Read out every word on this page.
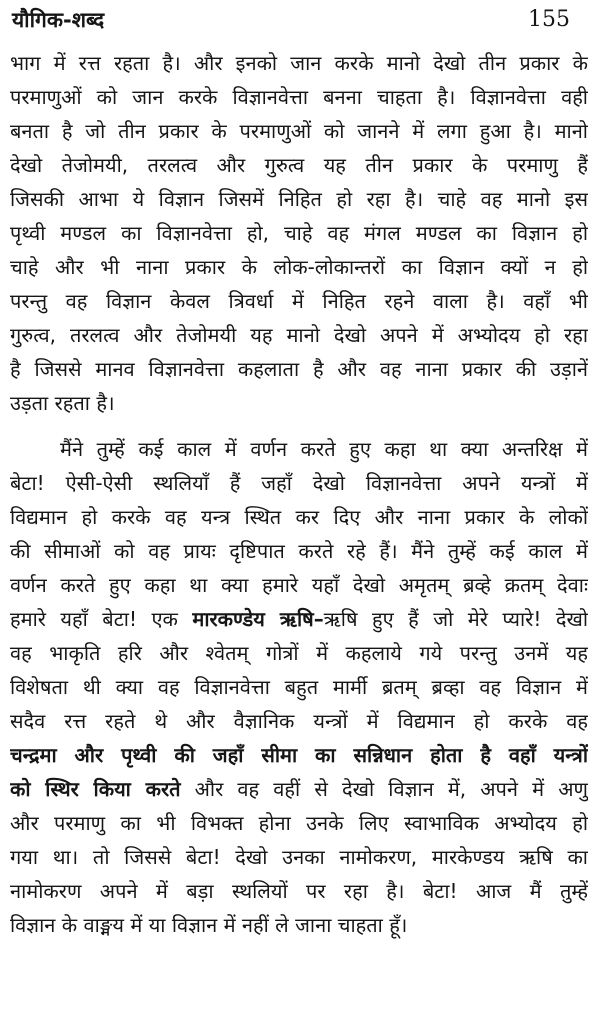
यौगिक-शब्द	155
भाग में रत्त रहता है। और इनको जान करके मानो देखो तीन प्रकार के
परमाणुओं को जान करके विज्ञानवेत्ता बनना चाहता है। विज्ञानवेत्ता वही
बनता है जो तीन प्रकार के परमाणुओं को जानने में लगा हुआ है। मानो
देखो तेजोमयी, तरलत्व और गुरुत्व यह तीन प्रकार के परमाणु हैं
जिसकी आभा ये विज्ञान जिसमें निहित हो रहा है। चाहे वह मानो इस
पृथ्वी मण्डल का विज्ञानवेत्ता हो, चाहे वह मंगल मण्डल का विज्ञान हो
चाहे और भी नाना प्रकार के लोक-लोकान्तरों का विज्ञान क्यों न हो
परन्तु वह विज्ञान केवल त्रिवर्धा में निहित रहने वाला है। वहाँ भी
गुरुत्व, तरलत्व और तेजोमयी यह मानो देखो अपने में अभ्योदय हो रहा
है जिससे मानव विज्ञानवेत्ता कहलाता है और वह नाना प्रकार की उड़ानें
उड़ता रहता है।
मैंने तुम्हें कई काल में वर्णन करते हुए कहा था क्या अन्तरिक्ष में
बेटा! ऐसी-ऐसी स्थलियाँ हैं जहाँ देखो विज्ञानवेत्ता अपने यन्त्रों में
विद्यमान हो करके वह यन्त्र स्थित कर दिए और नाना प्रकार के लोकों
की सीमाओं को वह प्रायः दृष्टिपात करते रहे हैं। मैंने तुम्हें कई काल में
वर्णन करते हुए कहा था क्या हमारे यहाँ देखो अमृतम् ब्रव्हे क्रतम् देवाः
हमारे यहाँ बेटा! एक मारकण्डेय ऋषि–ऋषि हुए हैं जो मेरे प्यारे! देखो
वह भाकृति हरि और श्वेतम् गोत्रों में कहलाये गये परन्तु उनमें यह
विशेषता थी क्या वह विज्ञानवेत्ता बहुत मार्मी ब्रतम् ब्रव्हा वह विज्ञान में
सदैव रत्त रहते थे और वैज्ञानिक यन्त्रों में विद्यमान हो करके वह
चन्द्रमा और पृथ्वी की जहाँ सीमा का सन्निधान होता है वहाँ यन्त्रों
को स्थिर किया करते और वह वहीं से देखो विज्ञान में, अपने में अणु
और परमाणु का भी विभक्त होना उनके लिए स्वाभाविक अभ्योदय हो
गया था। तो जिससे बेटा! देखो उनका नामोकरण, मारकेण्डय ऋषि का
नामोकरण अपने में बड़ा स्थलियों पर रहा है। बेटा! आज मैं तुम्हें
विज्ञान के वाङ्मय में या विज्ञान में नहीं ले जाना चाहता हूँ।
